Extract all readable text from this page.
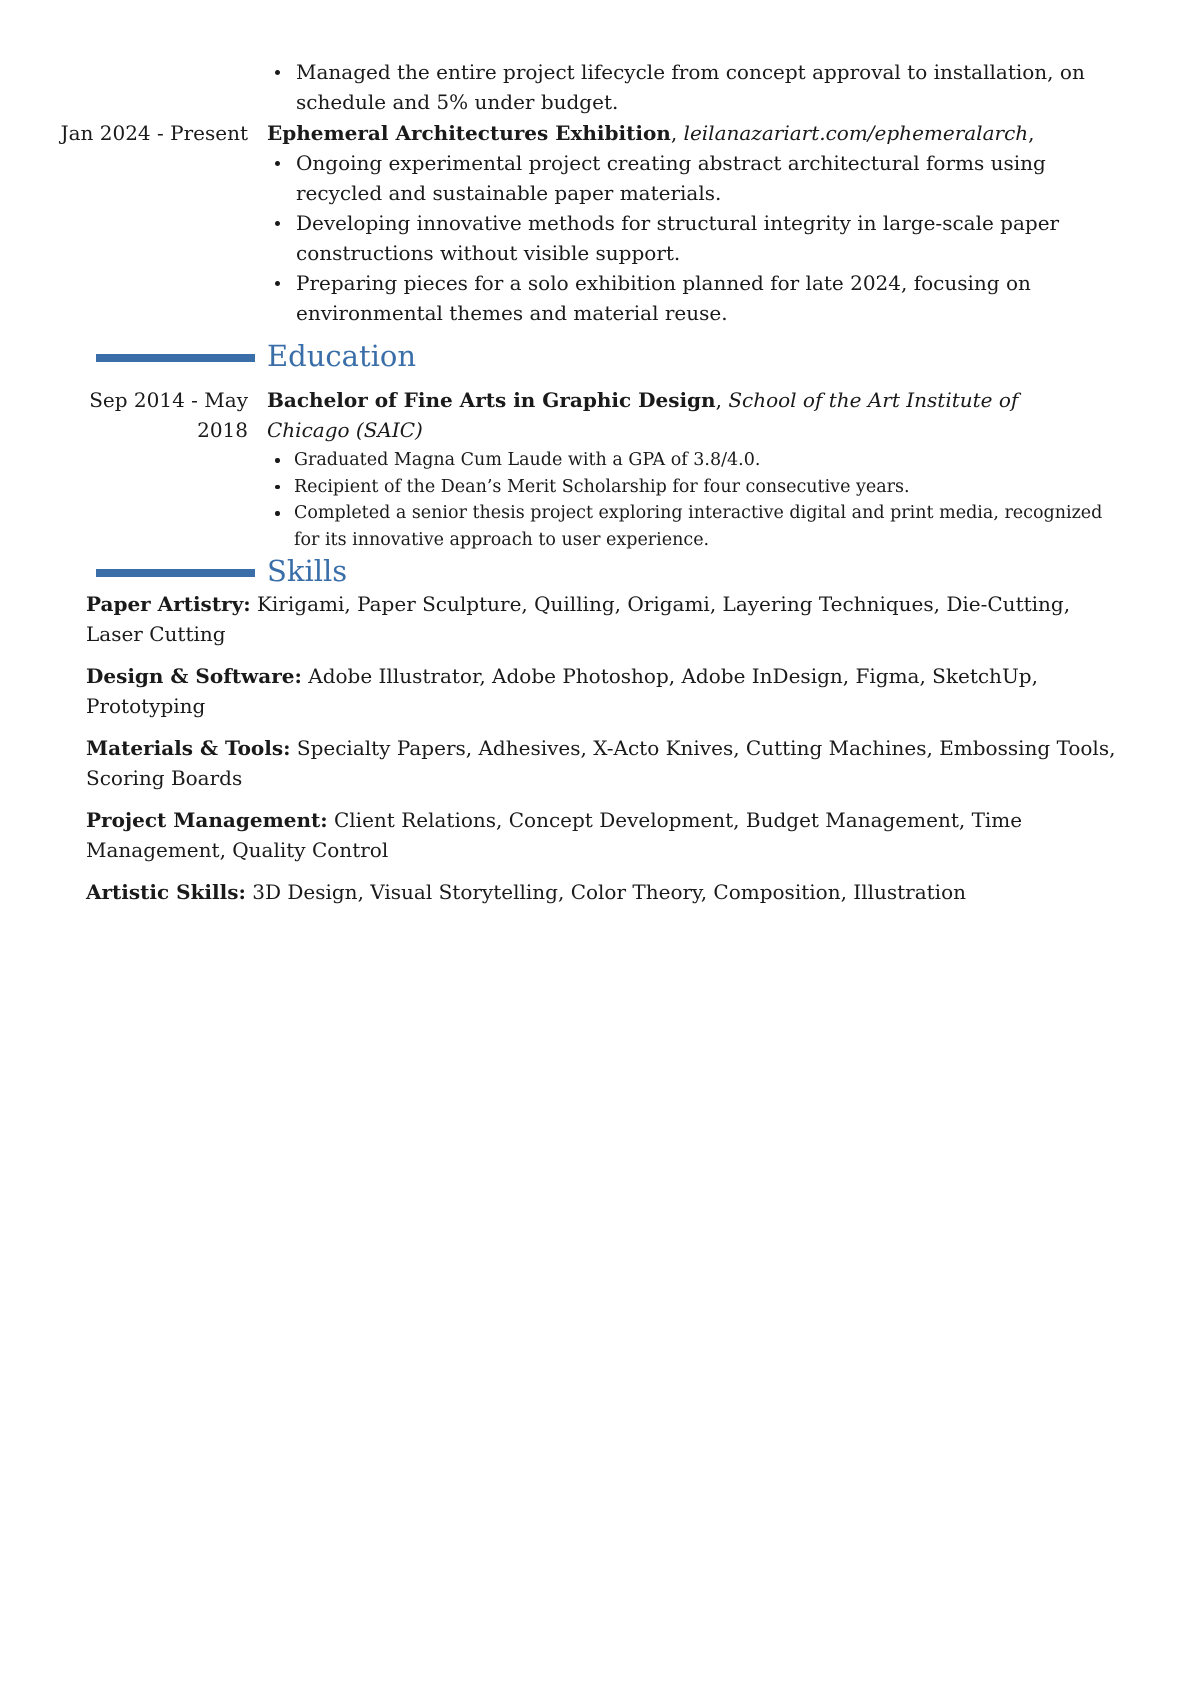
Managed the entire project lifecycle from concept approval to installation, on schedule and 5% under budget.
Jan 2024 - Present Ephemeral Architectures Exhibition, leilanazariart.com/ephemeralarch,
Ongoing experimental project creating abstract architectural forms using recycled and sustainable paper materials.
Developing innovative methods for structural integrity in large-scale paper constructions without visible support.
Preparing pieces for a solo exhibition planned for late 2024, focusing on environmental themes and material reuse.
Education
Sep 2014 - May 2018
Bachelor of Fine Arts in Graphic Design, School of the Art Institute of Chicago (SAIC)
Graduated Magna Cum Laude with a GPA of 3.8/4.0.
Recipient of the Dean’s Merit Scholarship for four consecutive years.
Completed a senior thesis project exploring interactive digital and print media, recognized for its innovative approach to user experience.
Skills
Paper Artistry: Kirigami, Paper Sculpture, Quilling, Origami, Layering Techniques, Die-Cutting, Laser Cutting
Design & Software: Adobe Illustrator, Adobe Photoshop, Adobe InDesign, Figma, SketchUp, Prototyping
Materials & Tools: Specialty Papers, Adhesives, X-Acto Knives, Cutting Machines, Embossing Tools, Scoring Boards
Project Management: Client Relations, Concept Development, Budget Management, Time Management, Quality Control
Artistic Skills: 3D Design, Visual Storytelling, Color Theory, Composition, Illustration
